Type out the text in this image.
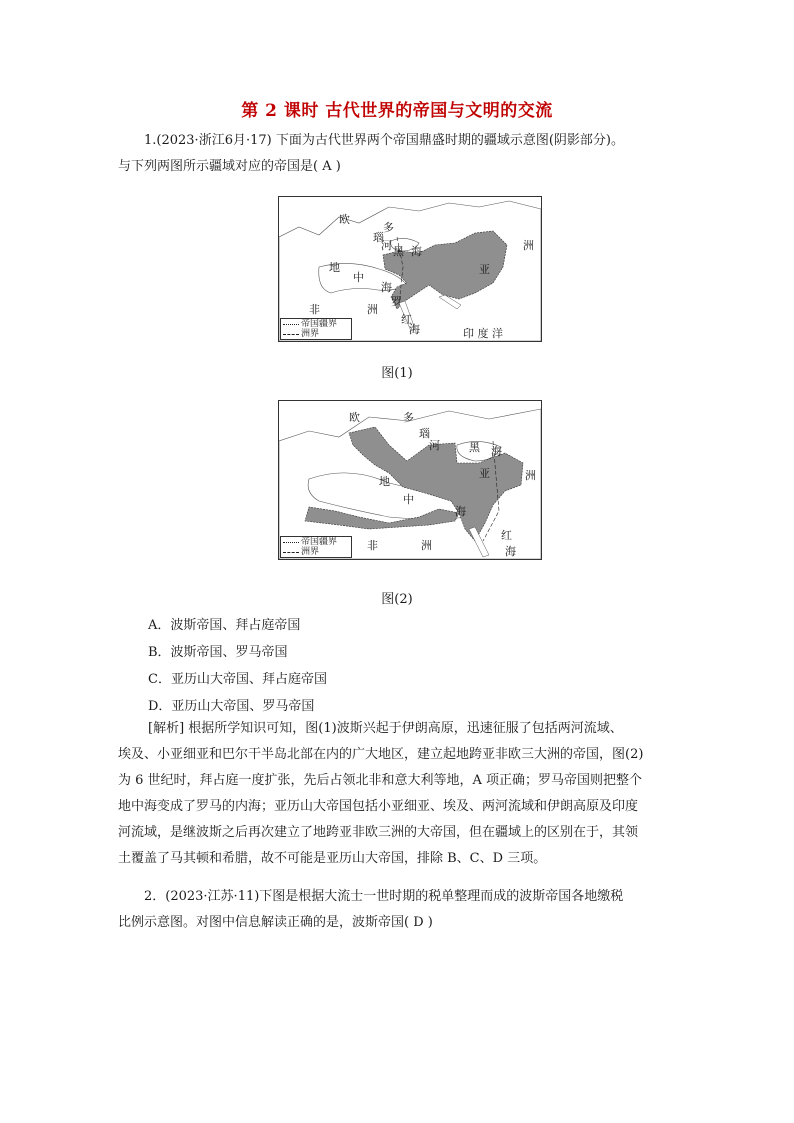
第 2 课时 古代世界的帝国与文明的交流

1.(2023·浙江6月·17) 下面为古代世界两个帝国鼎盛时期的疆域示意图(阴影部分)。

与下列两图所示疆域对应的帝国是( A )

欧
多
瑙
河 黑 海
亚
洲
地
中
海
非	洲
红
罗
海	印 度 洋
帝国疆界
洲界
图(1)
欧	多
瑙
河	黑 海
亚	洲
地
中
海
非	洲
红
海
帝国疆界
洲界
图(2)
A．波斯帝国、拜占庭帝国
B．波斯帝国、罗马帝国
C．亚历山大帝国、拜占庭帝国
D．亚历山大帝国、罗马帝国

[解析] 根据所学知识可知，图(1)波斯兴起于伊朗高原，迅速征服了包括两河流域、

埃及、小亚细亚和巴尔干半岛北部在内的广大地区，建立起地跨亚非欧三大洲的帝国，图(2)

为 6 世纪时，拜占庭一度扩张，先后占领北非和意大利等地，A 项正确；罗马帝国则把整个

地中海变成了罗马的内海；亚历山大帝国包括小亚细亚、埃及、两河流域和伊朗高原及印度

河流域，是继波斯之后再次建立了地跨亚非欧三洲的大帝国，但在疆域上的区别在于，其领

土覆盖了马其顿和希腊，故不可能是亚历山大帝国，排除 B、C、D 三项。

2．(2023·江苏·11)下图是根据大流士一世时期的税单整理而成的波斯帝国各地缴税

比例示意图。对图中信息解读正确的是，波斯帝国( D )
